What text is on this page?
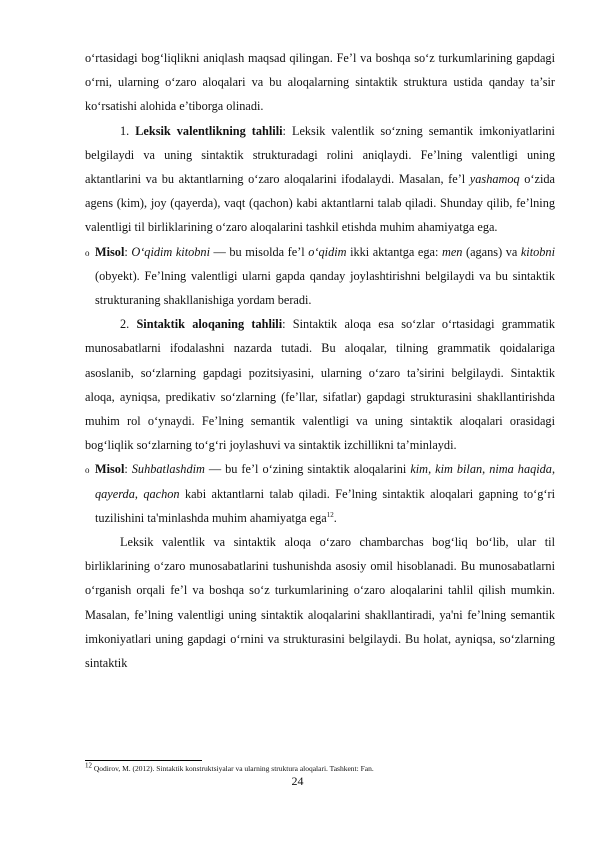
o‘rtasidagi bog‘liqlikni aniqlash maqsad qilingan. Fe’l va boshqa so‘z turkumlarining gapdagi o‘rni, ularning o‘zaro aloqalari va bu aloqalarning sintaktik struktura ustida qanday ta’sir ko‘rsatishi alohida e’tiborga olinadi.

1. Leksik valentlikning tahlili: Leksik valentlik so‘zning semantik imkoniyatlarini belgilaydi va uning sintaktik strukturadagi rolini aniqlaydi. Fe’lning valentligi uning aktantlarini va bu aktantlarning o‘zaro aloqalarini ifodalaydi. Masalan, fe’l yashamoq o‘zida agens (kim), joy (qayerda), vaqt (qachon) kabi aktantlarni talab qiladi. Shunday qilib, fe’lning valentligi til birliklarining o‘zaro aloqalarini tashkil etishda muhim ahamiyatga ega.

o Misol: O‘qidim kitobni — bu misolda fe’l o‘qidim ikki aktantga ega: men (agans) va kitobni (obyekt). Fe’lning valentligi ularni gapda qanday joylashtirishni belgilaydi va bu sintaktik strukturaning shakllanishiga yordam beradi.

2. Sintaktik aloqaning tahlili: Sintaktik aloqa esa so‘zlar o‘rtasidagi grammatik munosabatlarni ifodalashni nazarda tutadi. Bu aloqalar, tilning grammatik qoidalariga asoslanib, so‘zlarning gapdagi pozitsiyasini, ularning o‘zaro ta’sirini belgilaydi. Sintaktik aloqa, ayniqsa, predikativ so‘zlarning (fe’llar, sifatlar) gapdagi strukturasini shakllantirishda muhim rol o‘ynaydi. Fe’lning semantik valentligi va uning sintaktik aloqalari orasidagi bog‘liqlik so‘zlarning to‘g‘ri joylashuvi va sintaktik izchillikni ta’minlaydi.

o Misol: Suhbatlashdim — bu fe’l o‘zining sintaktik aloqalarini kim, kim bilan, nima haqida, qayerda, qachon kabi aktantlarni talab qiladi. Fe’lning sintaktik aloqalari gapning to‘g‘ri tuzilishini ta'minlashda muhim ahamiyatga ega$^{12}$.

Leksik valentlik va sintaktik aloqa o‘zaro chambarchas bog‘liq bo‘lib, ular til birliklarining o‘zaro munosabatlarini tushunishda asosiy omil hisoblanadi. Bu munosabatlarni o‘rganish orqali fe’l va boshqa so‘z turkumlarining o‘zaro aloqalarini tahlil qilish mumkin. Masalan, fe’lning valentligi uning sintaktik aloqalarini shakllantiradi, ya'ni fe’lning semantik imkoniyatlari uning gapdagi o‘rnini va strukturasini belgilaydi. Bu holat, ayniqsa, so‘zlarning sintaktik

$^{12}$ Qodirov, M. (2012). Sintaktik konstruktsiyalar va ularning struktura aloqalari. Tashkent: Fan.
24
